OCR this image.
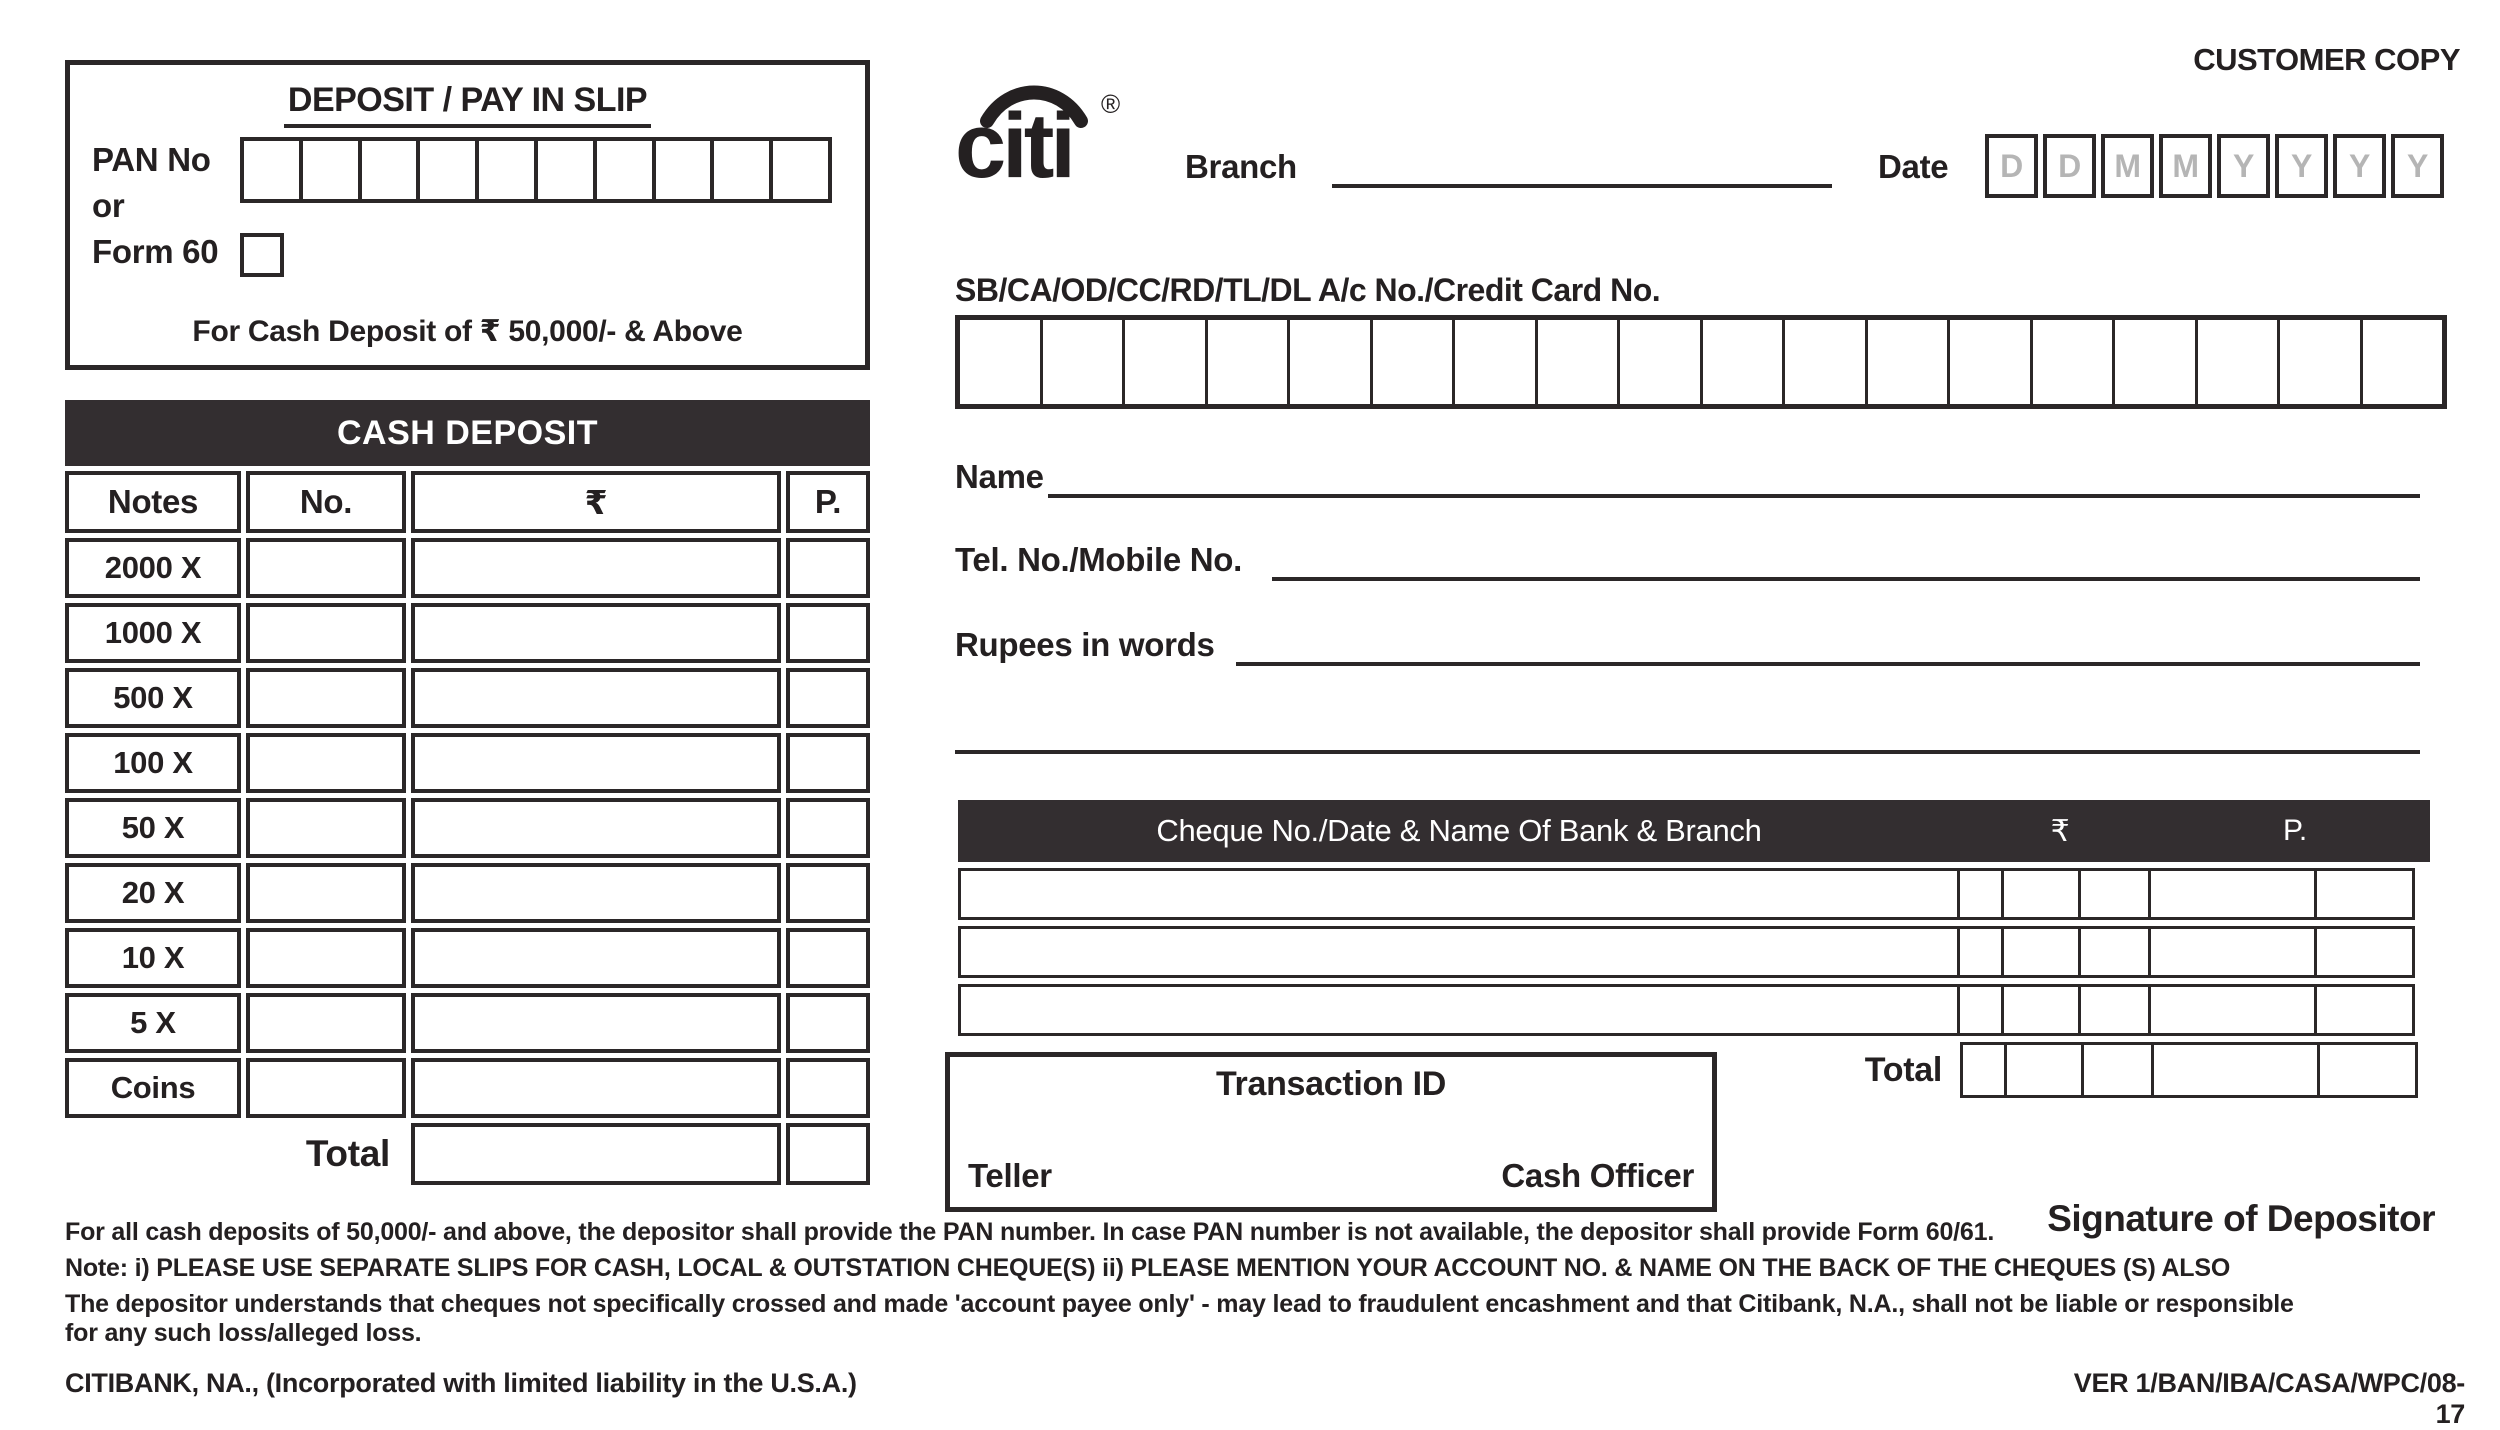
DEPOSIT / PAY IN SLIP
PAN No
or
Form 60
For Cash Deposit of ₹ 50,000/- & Above
CASH DEPOSIT
Notes	No.	₹	P.
2000 X
1000 X
500 X
100 X
50 X
20 X
10 X
5 X
Coins
Total
CUSTOMER COPY
citi ®
Branch	Date	D	D	M M	Y	Y	Y	Y
SB/CA/OD/CC/RD/TL/DL A/c No./Credit Card No.
Name
Tel. No./Mobile No.
Rupees in words
Cheque No./Date & Name Of Bank & Branch	₹	P.
Total
Transaction ID
Teller	Cash Officer
Signature of Depositor
For all cash deposits of 50,000/- and above, the depositor shall provide the PAN number. In case PAN number is not available, the depositor shall provide Form 60/61.
Note: i) PLEASE USE SEPARATE SLIPS FOR CASH, LOCAL & OUTSTATION CHEQUE(S) ii) PLEASE MENTION YOUR ACCOUNT NO. & NAME ON THE BACK OF THE CHEQUES (S) ALSO
The depositor understands that cheques not specifically crossed and made 'account payee only' - may lead to fraudulent encashment and that Citibank, N.A., shall not be liable or responsible
for any such loss/alleged loss.
CITIBANK, NA., (Incorporated with limited liability in the U.S.A.)	VER 1/BAN/IBA/CASA/WPC/08-17
